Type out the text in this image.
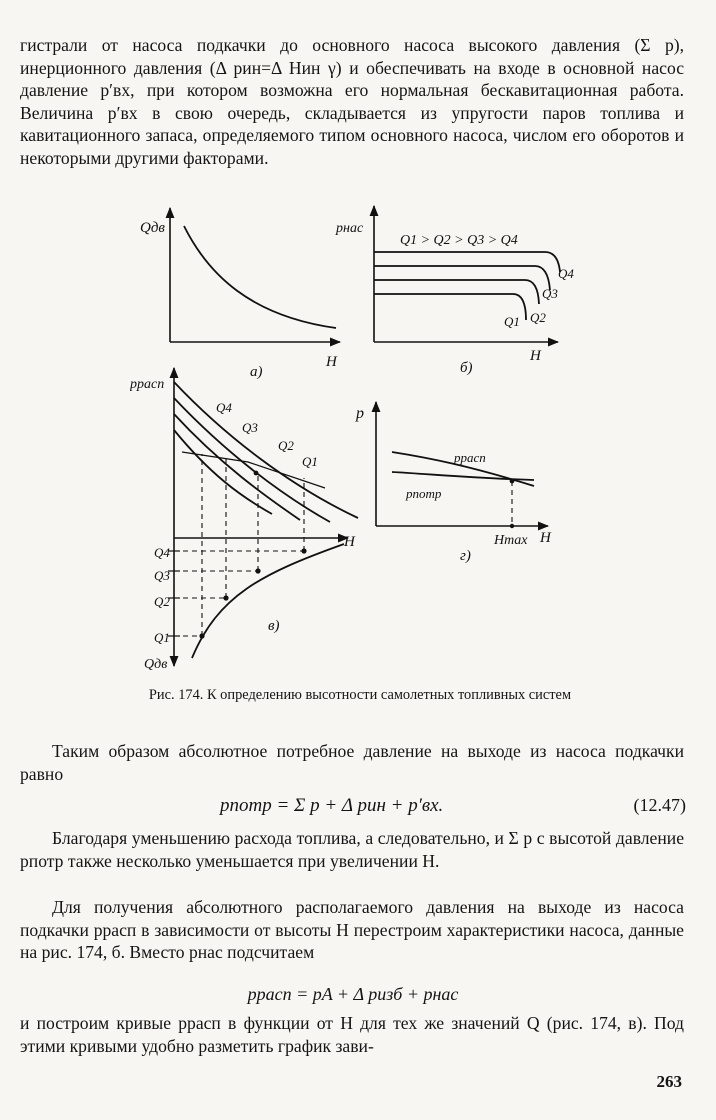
гистрали от насоса подкачки до основного насоса высокого давления (Σ p), инерционного давления (Δ pин=Δ Hин γ) и обеспечивать на входе в основной насос давление p′вх, при котором возможна его нормальная бескавитационная работа. Величина p′вх в свою очередь, складывается из упругости паров топлива и кавитационного запаса, определяемого типом основного насоса, числом его оборотов и некоторыми другими факторами.

Qдв
H
а)
pнас
Q1 > Q2 > Q3 > Q4
Q4
Q3
Q2
Q1
H
б)
pрасп
Q4
Q3
Q2
Q1
Q4
Q3
Q2
Q1
Qдв
H
в)
p
pрасп
pпотр
Hmax H
г)

Рис. 174. К определению высотности самолетных топливных систем

Таким образом абсолютное потребное давление на выходе из насоса подкачки равно

pпотр = Σ p + Δ pин + p′вх.	(12.47)

Благодаря уменьшению расхода топлива, а следовательно, и Σ p с высотой давление pпотр также несколько уменьшается при увеличении H.

Для получения абсолютного располагаемого давления на выходе из насоса подкачки pрасп в зависимости от высоты H перестроим характеристики насоса, данные на рис. 174, б. Вместо pнас подсчитаем

pрасп = pA + Δ pизб + pнас

и построим кривые pрасп в функции от H для тех же значений Q (рис. 174, в). Под этими кривыми удобно разметить график зави-

263
